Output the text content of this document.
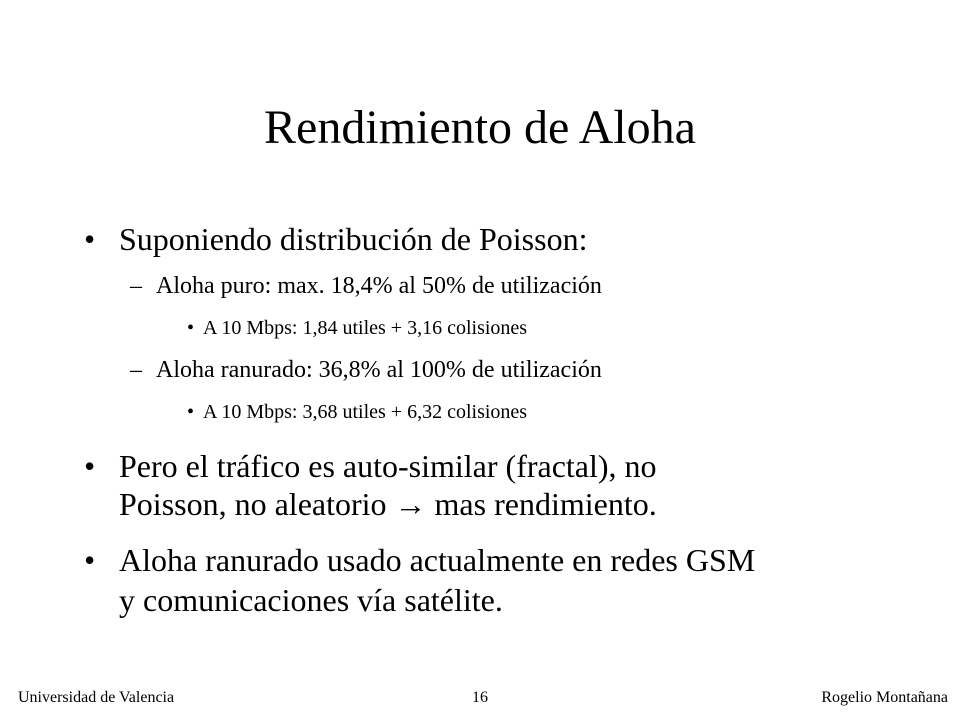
Rendimiento de Aloha
• Suponiendo distribución de Poisson:
– Aloha puro: max. 18,4% al 50% de utilización
• A 10 Mbps: 1,84 utiles + 3,16 colisiones
– Aloha ranurado: 36,8% al 100% de utilización
• A 10 Mbps: 3,68 utiles + 6,32 colisiones
• Pero el tráfico es auto-similar (fractal), no
Poisson, no aleatorio → mas rendimiento.
• Aloha ranurado usado actualmente en redes GSM
y comunicaciones vía satélite.
Universidad de Valencia	16	Rogelio Montañana
